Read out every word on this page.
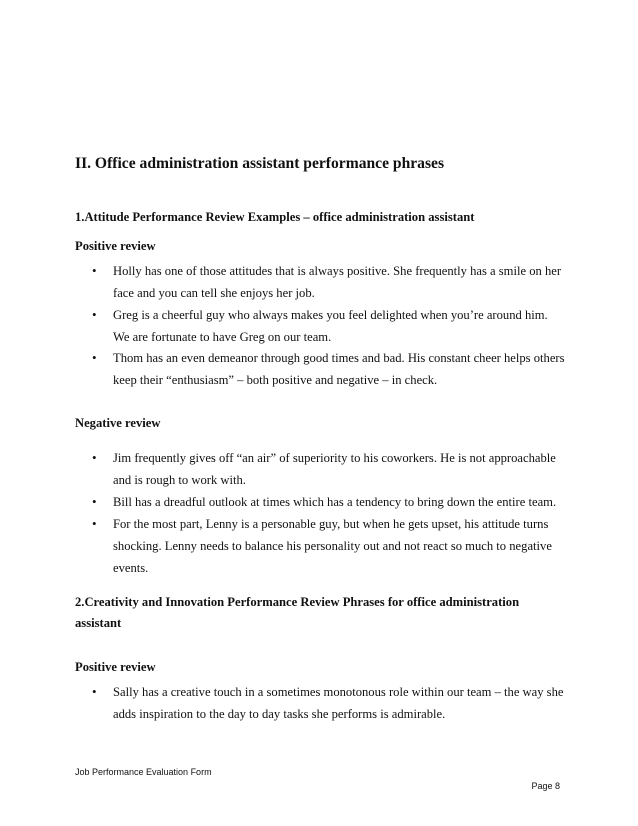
II. Office administration assistant performance phrases
1.Attitude Performance Review Examples – office administration assistant
Positive review
• Holly has one of those attitudes that is always positive. She frequently has a smile on her
face and you can tell she enjoys her job.
• Greg is a cheerful guy who always makes you feel delighted when you’re around him.
We are fortunate to have Greg on our team.
• Thom has an even demeanor through good times and bad. His constant cheer helps others
keep their “enthusiasm” – both positive and negative – in check.
Negative review
• Jim frequently gives off “an air” of superiority to his coworkers. He is not approachable
and is rough to work with.
• Bill has a dreadful outlook at times which has a tendency to bring down the entire team.
• For the most part, Lenny is a personable guy, but when he gets upset, his attitude turns
shocking. Lenny needs to balance his personality out and not react so much to negative
events.
2.Creativity and Innovation Performance Review Phrases for office administration
assistant
Positive review
• Sally has a creative touch in a sometimes monotonous role within our team – the way she
adds inspiration to the day to day tasks she performs is admirable.
Job Performance Evaluation Form
Page 8
